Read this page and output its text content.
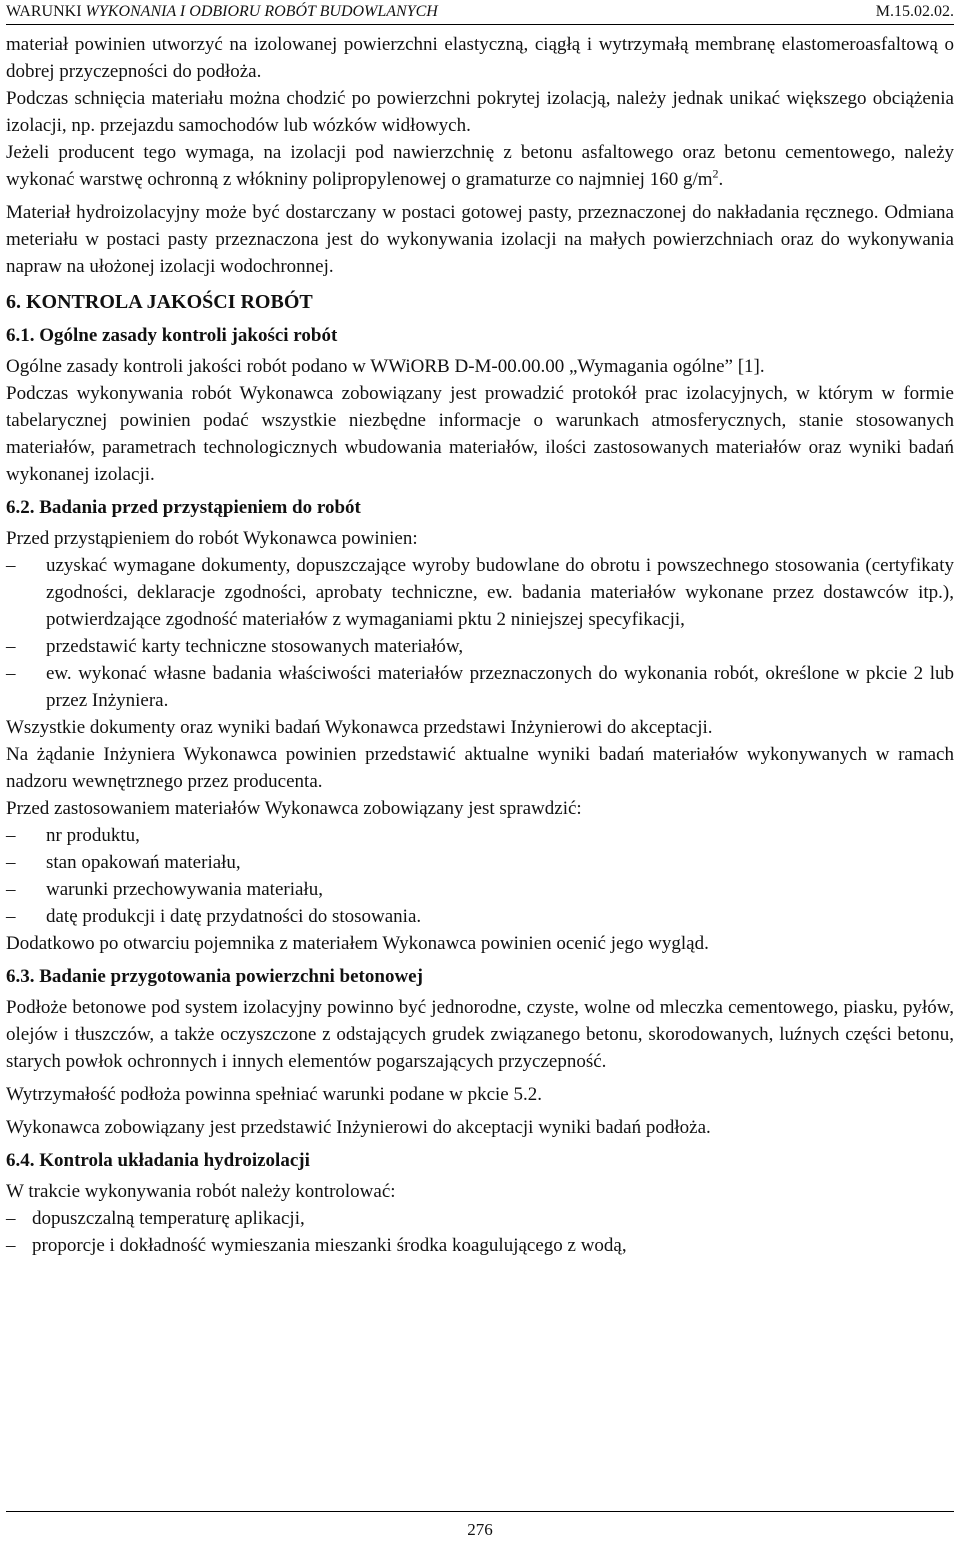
WARUNKI WYKONANIA I ODBIORU ROBÓT BUDOWLANYCH	M.15.02.02.

materiał powinien utworzyć na izolowanej powierzchni elastyczną, ciągłą i wytrzymałą membranę elastomeroasfaltową o dobrej przyczepności do podłoża.

Podczas schnięcia materiału można chodzić po powierzchni pokrytej izolacją, należy jednak unikać większego obciążenia izolacji, np. przejazdu samochodów lub wózków widłowych.

Jeżeli producent tego wymaga, na izolacji pod nawierzchnię z betonu asfaltowego oraz betonu cementowego, należy wykonać warstwę ochronną z włókniny polipropylenowej o gramaturze co najmniej 160 $g/m^2$.

Materiał hydroizolacyjny może być dostarczany w postaci gotowej pasty, przeznaczonej do nakładania ręcznego. Odmiana meteriału w postaci pasty przeznaczona jest do wykonywania izolacji na małych powierzchniach oraz do wykonywania napraw na ułożonej izolacji wodochronnej.

6. KONTROLA JAKOŚCI ROBÓT
6.1. Ogólne zasady kontroli jakości robót

Ogólne zasady kontroli jakości robót podano w WWiORB D-M-00.00.00 „Wymagania ogólne” [1].

Podczas wykonywania robót Wykonawca zobowiązany jest prowadzić protokół prac izolacyjnych, w którym w formie tabelarycznej powinien podać wszystkie niezbędne informacje o warunkach atmosferycznych, stanie stosowanych materiałów, parametrach technologicznych wbudowania materiałów, ilości zastosowanych materiałów oraz wyniki badań wykonanej izolacji.

6.2. Badania przed przystąpieniem do robót

Przed przystąpieniem do robót Wykonawca powinien:

–	uzyskać wymagane dokumenty, dopuszczające wyroby budowlane do obrotu i powszechnego stosowania (certyfikaty zgodności, deklaracje zgodności, aprobaty techniczne, ew. badania materiałów wykonane przez dostawców itp.), potwierdzające zgodność materiałów z wymaganiami pktu 2 niniejszej specyfikacji,
–	przedstawić karty techniczne stosowanych materiałów,
–	ew. wykonać własne badania właściwości materiałów przeznaczonych do wykonania robót, określone w pkcie 2 lub przez Inżyniera.

Wszystkie dokumenty oraz wyniki badań Wykonawca przedstawi Inżynierowi do akceptacji.

Na żądanie Inżyniera Wykonawca powinien przedstawić aktualne wyniki badań materiałów wykonywanych w ramach nadzoru wewnętrznego przez producenta.

Przed zastosowaniem materiałów Wykonawca zobowiązany jest sprawdzić:

–	nr produktu,
–	stan opakowań materiału,
–	warunki przechowywania materiału,
–	datę produkcji i datę przydatności do stosowania.

Dodatkowo po otwarciu pojemnika z materiałem Wykonawca powinien ocenić jego wygląd.

6.3. Badanie przygotowania powierzchni betonowej

Podłoże betonowe pod system izolacyjny powinno być jednorodne, czyste, wolne od mleczka cementowego, piasku, pyłów, olejów i tłuszczów, a także oczyszczone z odstających grudek związanego betonu, skorodowanych, luźnych części betonu, starych powłok ochronnych i innych elementów pogarszających przyczepność.

Wytrzymałość podłoża powinna spełniać warunki podane w pkcie 5.2.

Wykonawca zobowiązany jest przedstawić Inżynierowi do akceptacji wyniki badań podłoża.

6.4. Kontrola układania hydroizolacji

W trakcie wykonywania robót należy kontrolować:

– dopuszczalną temperaturę aplikacji,
– proporcje i dokładność wymieszania mieszanki środka koagulującego z wodą,
276
